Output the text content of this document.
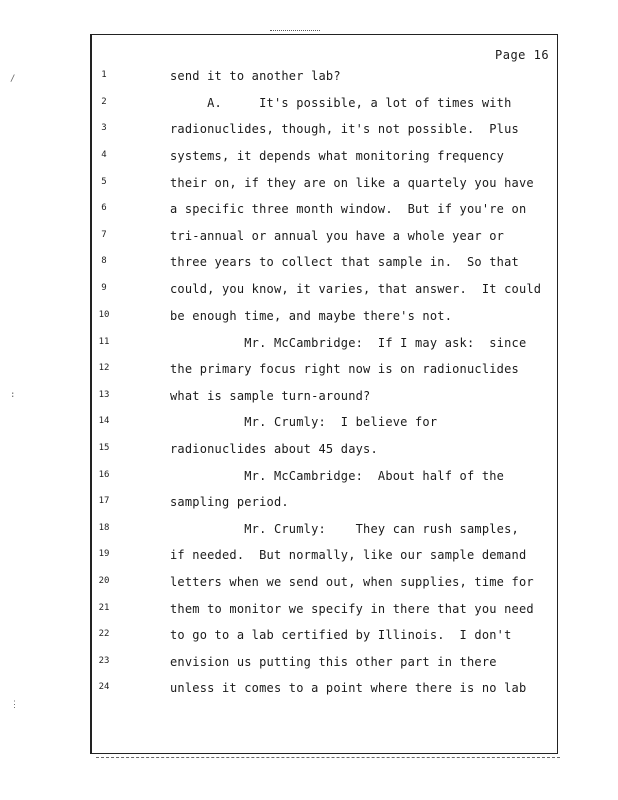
Page 16
/
:
⋮
1	send it to another lab?
2	A.     It's possible, a lot of times with
3	radionuclides, though, it's not possible.  Plus
4	systems, it depends what monitoring frequency
5	their on, if they are on like a quartely you have
6	a specific three month window.  But if you're on
7	tri-annual or annual you have a whole year or
8	three years to collect that sample in.  So that
9	could, you know, it varies, that answer.  It could
10	be enough time, and maybe there's not.
11	Mr. McCambridge:  If I may ask:  since
12	the primary focus right now is on radionuclides
13	what is sample turn-around?
14	Mr. Crumly:  I believe for
15	radionuclides about 45 days.
16	Mr. McCambridge:  About half of the
17	sampling period.
18	Mr. Crumly:    They can rush samples,
19	if needed.  But normally, like our sample demand
20	letters when we send out, when supplies, time for
21	them to monitor we specify in there that you need
22	to go to a lab certified by Illinois.  I don't
23	envision us putting this other part in there
24	unless it comes to a point where there is no lab
